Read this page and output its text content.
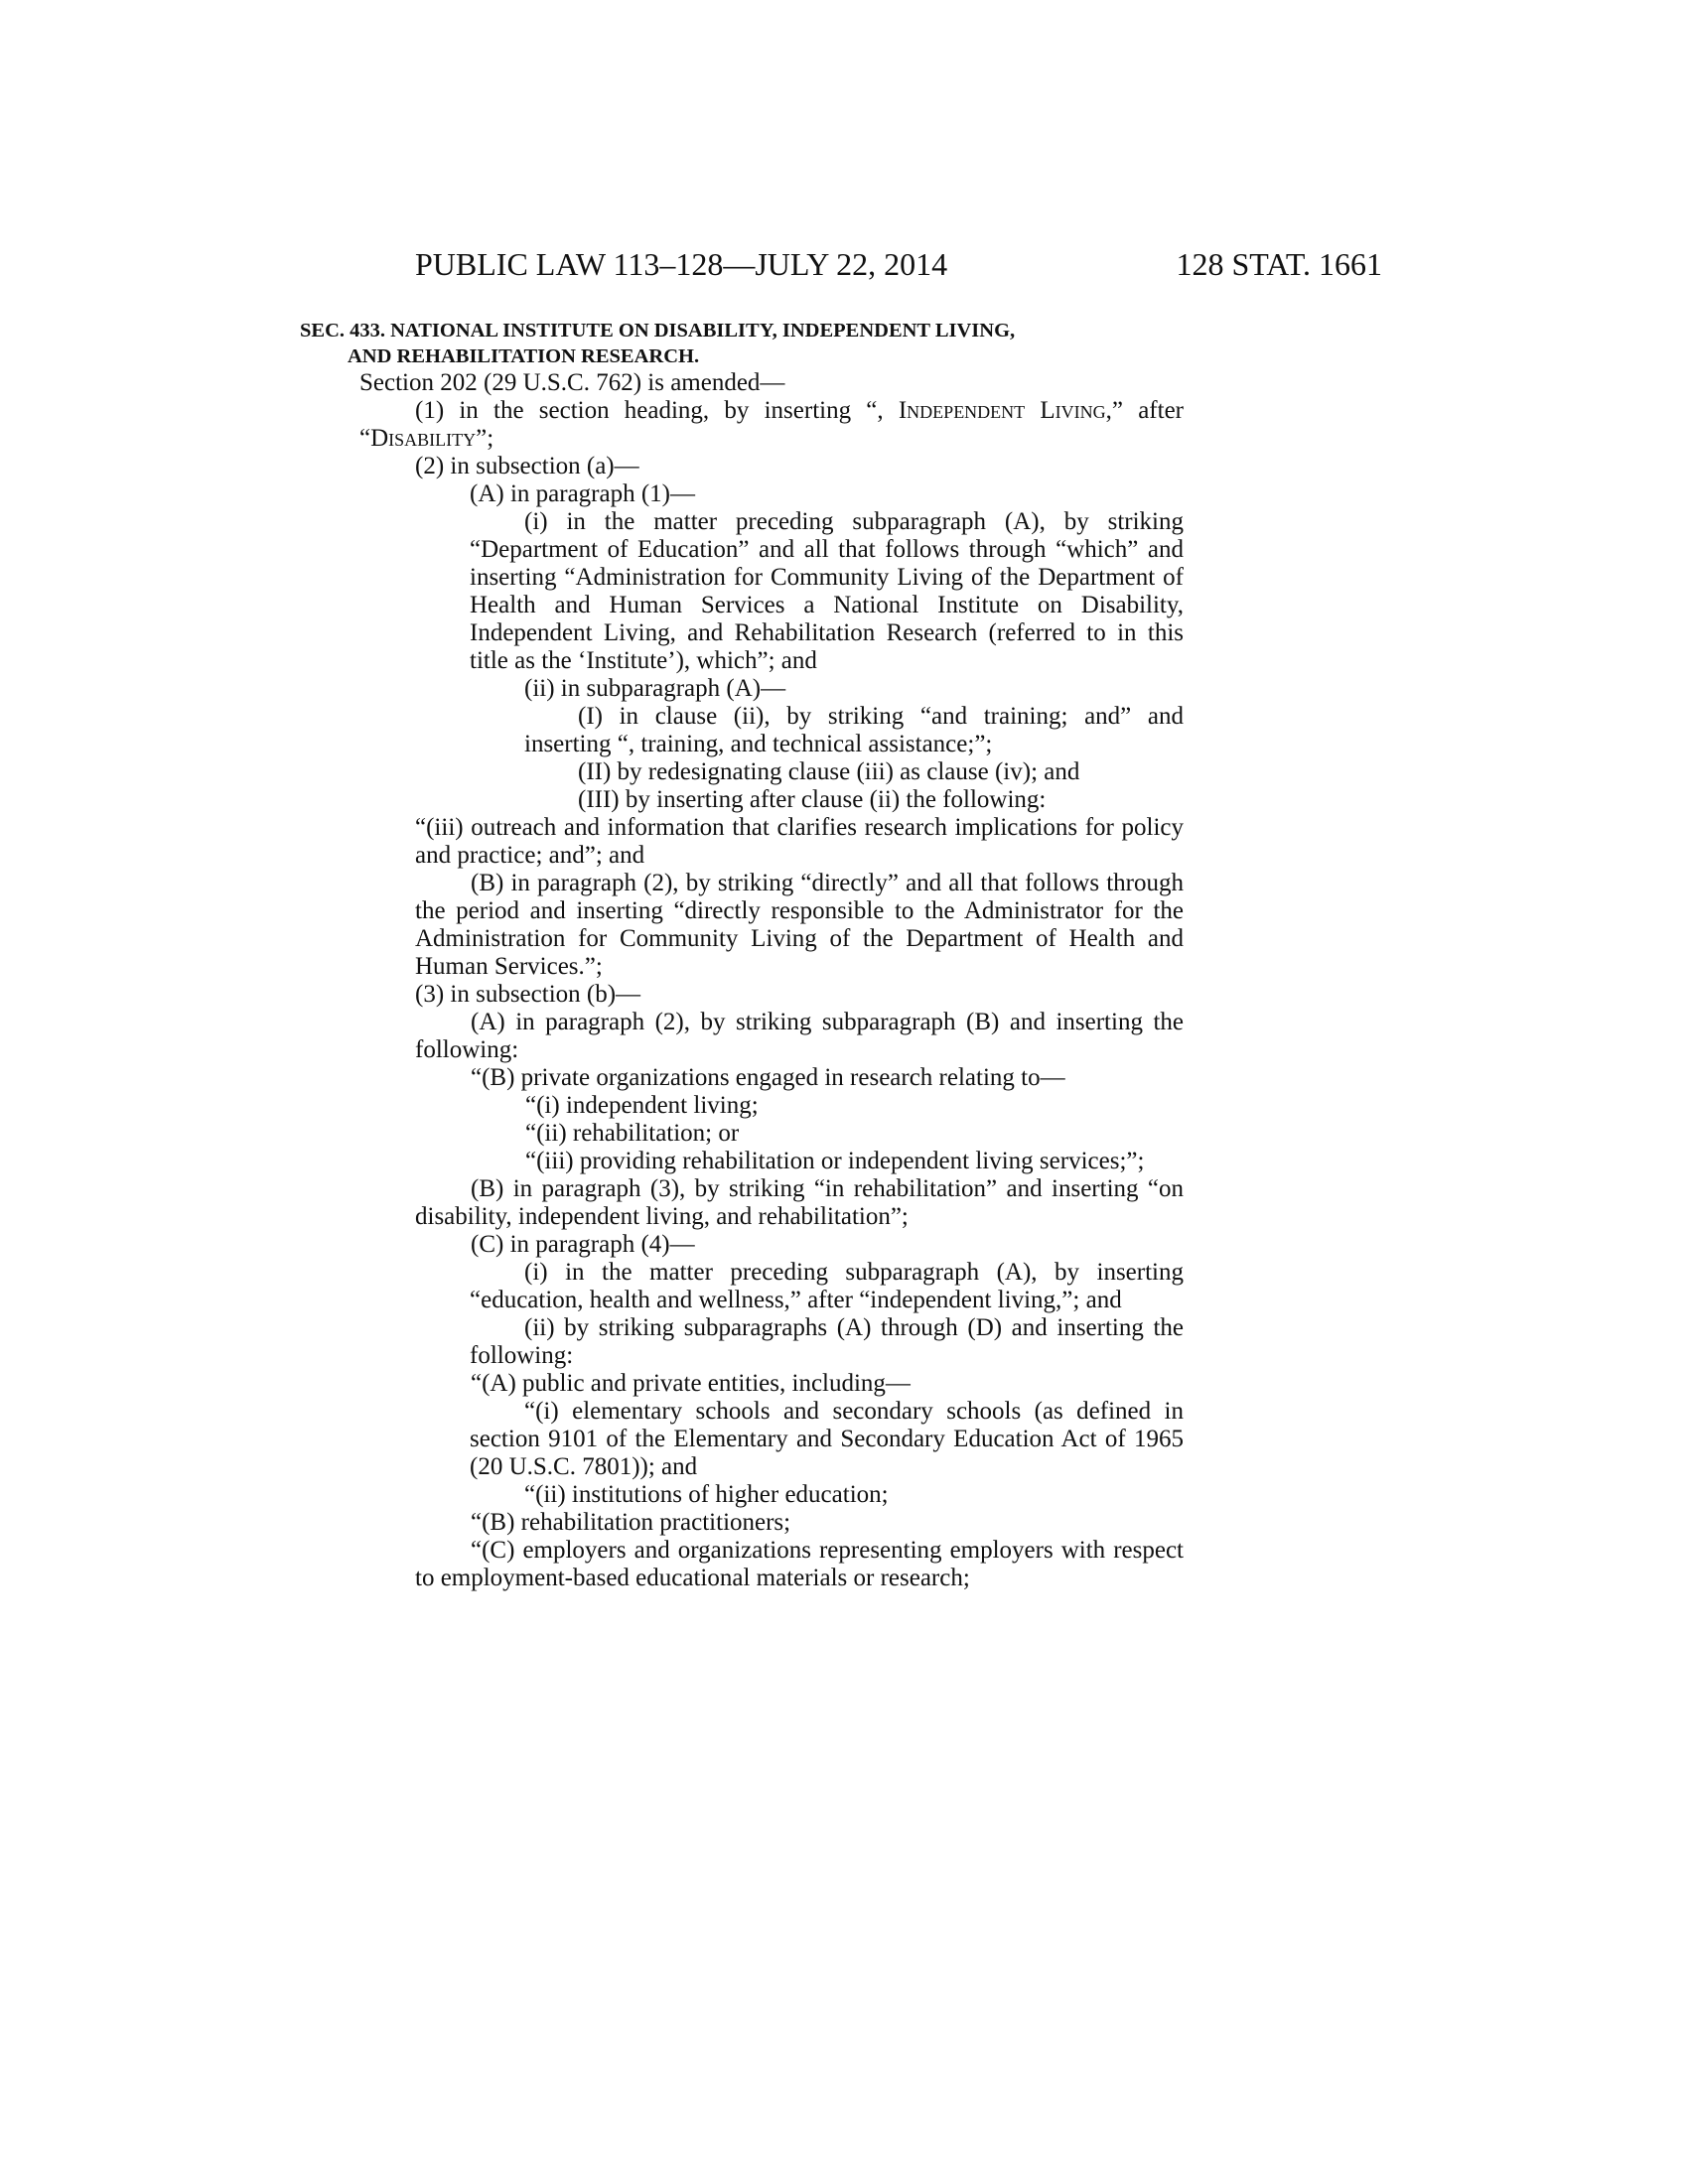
PUBLIC LAW 113–128—JULY 22, 2014	128 STAT. 1661
SEC. 433. NATIONAL INSTITUTE ON DISABILITY, INDEPENDENT LIVING,
AND REHABILITATION RESEARCH.

Section 202 (29 U.S.C. 762) is amended—

(1) in the section heading, by inserting “, Independent Living,” after “Disability”;

(2) in subsection (a)—

(A) in paragraph (1)—

(i) in the matter preceding subparagraph (A), by striking “Department of Education” and all that follows through “which” and inserting “Administration for Community Living of the Department of Health and Human Services a National Institute on Disability, Independent Living, and Rehabilitation Research (referred to in this title as the ‘Institute’), which”; and

(ii) in subparagraph (A)—

(I) in clause (ii), by striking “and training; and” and inserting “, training, and technical assistance;”;

(II) by redesignating clause (iii) as clause (iv); and

(III) by inserting after clause (ii) the following:

“(iii) outreach and information that clarifies research implications for policy and practice; and”; and

(B) in paragraph (2), by striking “directly” and all that follows through the period and inserting “directly responsible to the Administrator for the Administration for Community Living of the Department of Health and Human Services.”;

(3) in subsection (b)—

(A) in paragraph (2), by striking subparagraph (B) and inserting the following:

“(B) private organizations engaged in research relating to—

“(i) independent living;

“(ii) rehabilitation; or

“(iii) providing rehabilitation or independent living services;”;

(B) in paragraph (3), by striking “in rehabilitation” and inserting “on disability, independent living, and rehabilitation”;

(C) in paragraph (4)—

(i) in the matter preceding subparagraph (A), by inserting “education, health and wellness,” after “independent living,”; and

(ii) by striking subparagraphs (A) through (D) and inserting the following:

“(A) public and private entities, including—

“(i) elementary schools and secondary schools (as defined in section 9101 of the Elementary and Secondary Education Act of 1965 (20 U.S.C. 7801)); and

“(ii) institutions of higher education;

“(B) rehabilitation practitioners;

“(C) employers and organizations representing employers with respect to employment-based educational materials or research;
